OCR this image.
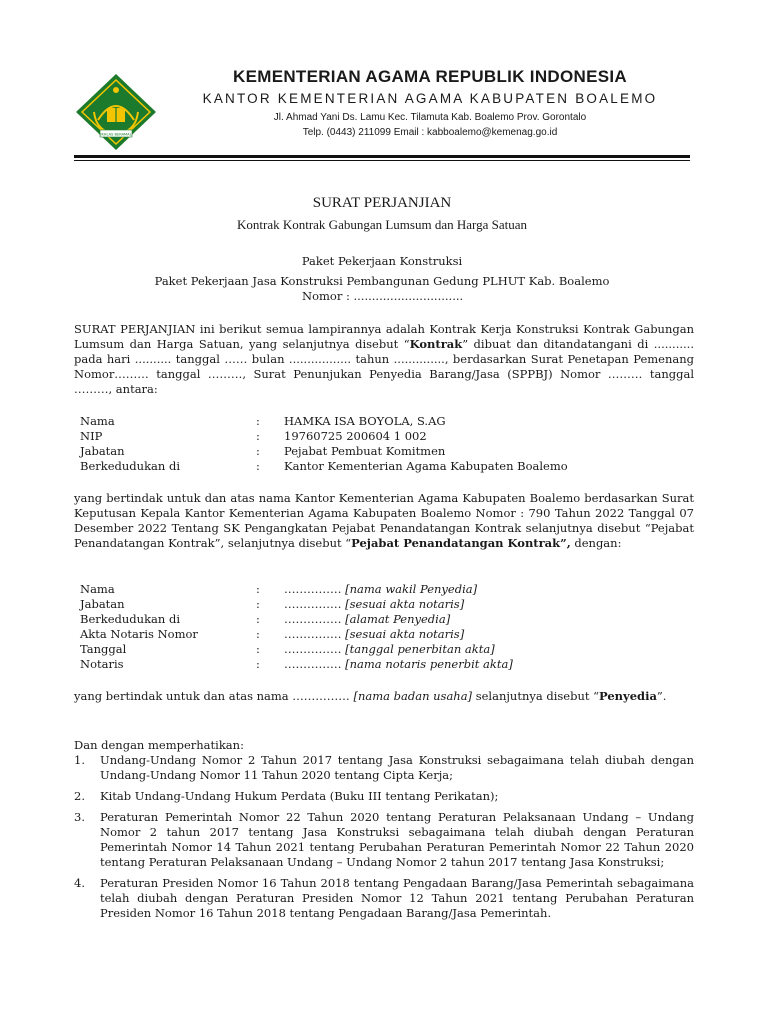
IKHLAS BERAMAL
KEMENTERIAN AGAMA REPUBLIK INDONESIA
KANTOR KEMENTERIAN AGAMA KABUPATEN BOALEMO
Jl. Ahmad Yani Ds. Lamu Kec. Tilamuta Kab. Boalemo Prov. Gorontalo
Telp. (0443) 211099 Email : kabboalemo@kemenag.go.id
SURAT PERJANJIAN
Kontrak Kontrak Gabungan Lumsum dan Harga Satuan
Paket Pekerjaan Konstruksi
Paket Pekerjaan Jasa Konstruksi Pembangunan Gedung PLHUT Kab. Boalemo
Nomor : ..............................

SURAT PERJANJIAN ini berikut semua lampirannya adalah Kontrak Kerja Konstruksi Kontrak Gabungan Lumsum dan Harga Satuan, yang selanjutnya disebut “Kontrak” dibuat dan ditandatangani di ........... pada hari .......... tanggal …… bulan ................. tahun .............., berdasarkan Surat Penetapan Pemenang Nomor……… tanggal ………, Surat Penunjukan Penyedia Barang/Jasa (SPPBJ) Nomor ……… tanggal ………, antara:

Nama	:	HAMKA ISA BOYOLA, S.AG
NIP	:	19760725 200604 1 002
Jabatan	:	Pejabat Pembuat Komitmen
Berkedudukan di	:	Kantor Kementerian Agama Kabupaten Boalemo

yang bertindak untuk dan atas nama Kantor Kementerian Agama Kabupaten Boalemo berdasarkan Surat Keputusan Kepala Kantor Kementerian Agama Kabupaten Boalemo Nomor : 790 Tahun 2022 Tanggal 07 Desember 2022 Tentang SK Pengangkatan Pejabat Penandatangan Kontrak selanjutnya disebut “Pejabat Penandatangan Kontrak”, selanjutnya disebut “Pejabat Penandatangan Kontrak”, dengan:

Nama	:	…………… [nama wakil Penyedia]
Jabatan	:	…………… [sesuai akta notaris]
Berkedudukan di	:	…………… [alamat Penyedia]
Akta Notaris Nomor	:	…………… [sesuai akta notaris]
Tanggal	:	…………… [tanggal penerbitan akta]
Notaris	:	…………… [nama notaris penerbit akta]

yang bertindak untuk dan atas nama …………… [nama badan usaha] selanjutnya disebut “Penyedia”.

Dan dengan memperhatikan:
1.	Undang-Undang Nomor 2 Tahun 2017 tentang Jasa Konstruksi sebagaimana telah diubah dengan Undang-Undang Nomor 11 Tahun 2020 tentang Cipta Kerja;
2.	Kitab Undang-Undang Hukum Perdata (Buku III tentang Perikatan);
3.	Peraturan Pemerintah Nomor 22 Tahun 2020 tentang Peraturan Pelaksanaan Undang – Undang Nomor 2 tahun 2017 tentang Jasa Konstruksi sebagaimana telah diubah dengan Peraturan Pemerintah Nomor 14 Tahun 2021 tentang Perubahan Peraturan Pemerintah Nomor 22 Tahun 2020 tentang Peraturan Pelaksanaan Undang – Undang Nomor 2 tahun 2017 tentang Jasa Konstruksi;
4.	Peraturan Presiden Nomor 16 Tahun 2018 tentang Pengadaan Barang/Jasa Pemerintah sebagaimana telah diubah dengan Peraturan Presiden Nomor 12 Tahun 2021 tentang Perubahan Peraturan Presiden Nomor 16 Tahun 2018 tentang Pengadaan Barang/Jasa Pemerintah.
